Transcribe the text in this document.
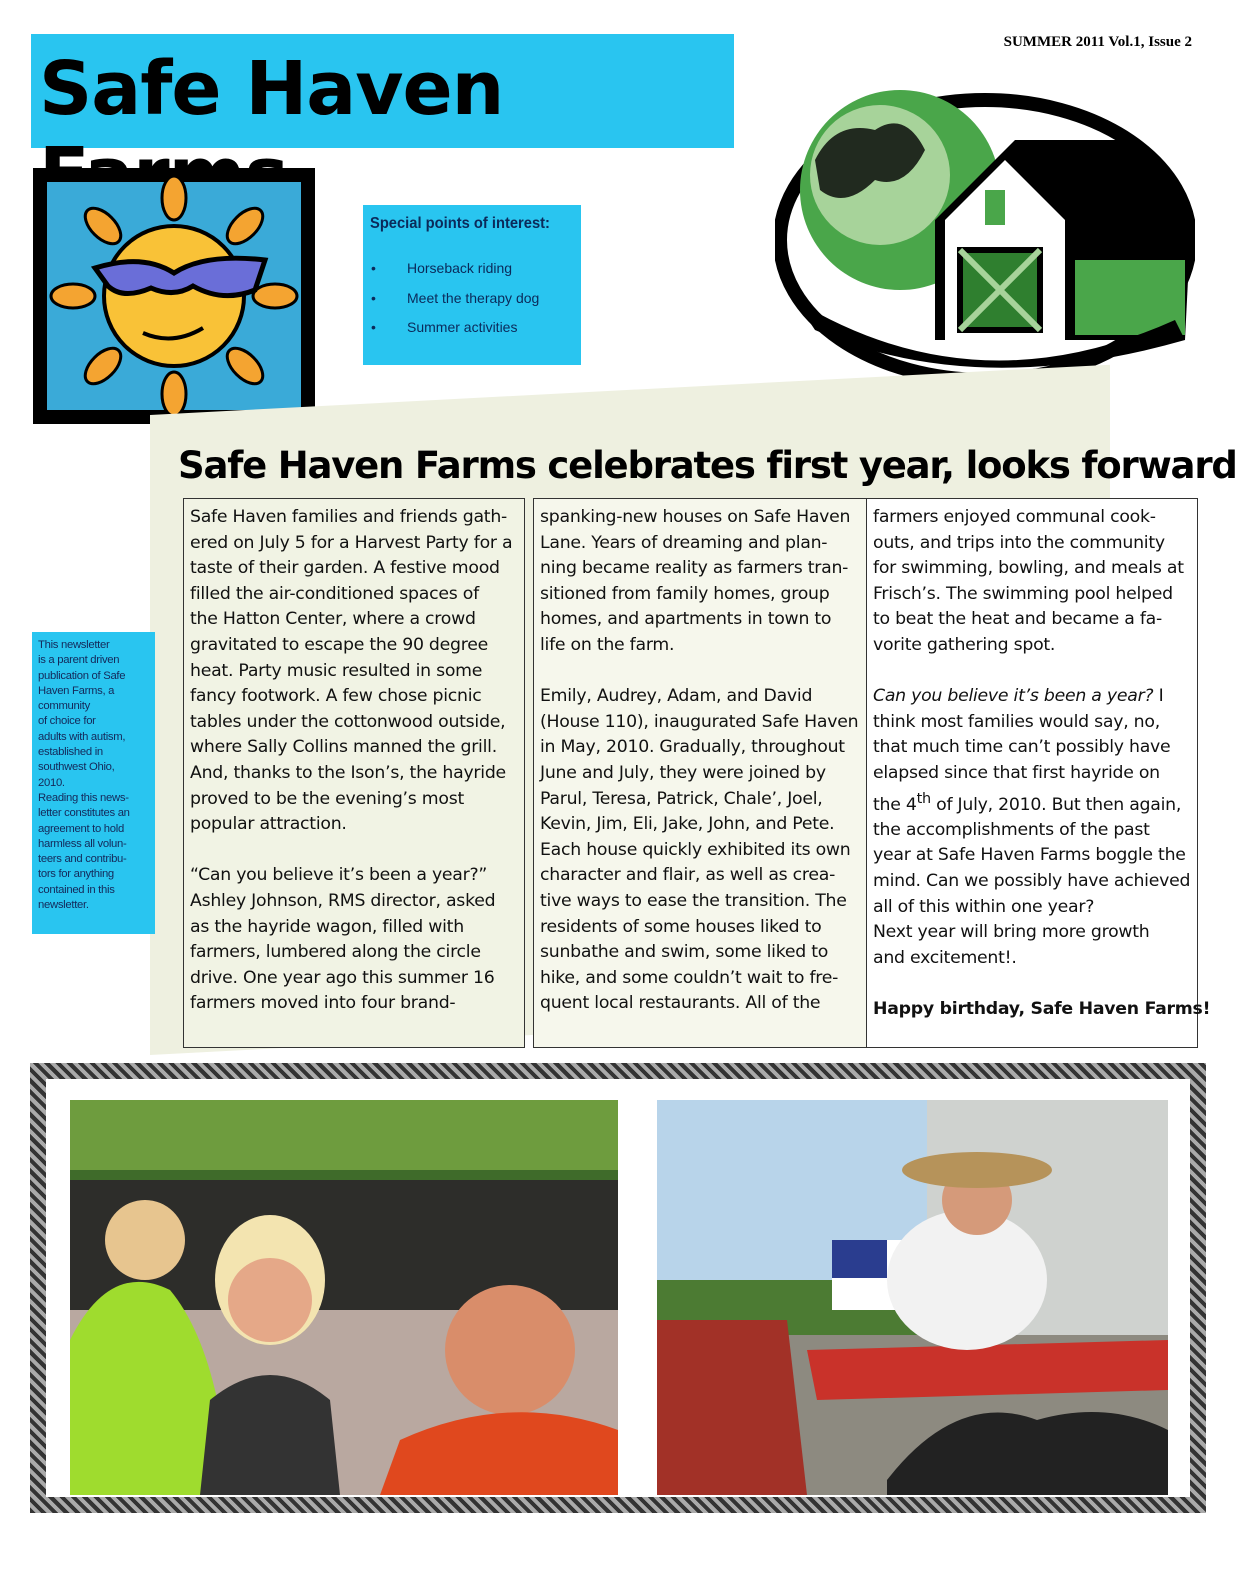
Safe Haven
SUMMER 2011 Vol.1, Issue 2
Special points of interest:
• Horseback riding
• Meet the therapy dog
• Summer activities
Safe Haven Farms celebrates first year, looks forward
Safe Haven families and friends gath-
ered on July 5 for a Harvest Party for a
taste of their garden. A festive mood
filled the air-conditioned spaces of
the Hatton Center, where a crowd
gravitated to escape the 90 degree
heat. Party music resulted in some
fancy footwork. A few chose picnic
tables under the cottonwood outside,
where Sally Collins manned the grill.
And, thanks to the Ison’s, the hayride
proved to be the evening’s most
popular attraction.
“Can you believe it’s been a year?”
Ashley Johnson, RMS director, asked
as the hayride wagon, filled with
farmers, lumbered along the circle
drive. One year ago this summer 16
farmers moved into four brand-
spanking-new houses on Safe Haven
Lane. Years of dreaming and plan-
ning became reality as farmers tran-
sitioned from family homes, group
homes, and apartments in town to
life on the farm.
Emily, Audrey, Adam, and David
(House 110), inaugurated Safe Haven
in May, 2010. Gradually, throughout
June and July, they were joined by
Parul, Teresa, Patrick, Chale’, Joel,
Kevin, Jim, Eli, Jake, John, and Pete.
Each house quickly exhibited its own
character and flair, as well as crea-
tive ways to ease the transition. The
residents of some houses liked to
sunbathe and swim, some liked to
hike, and some couldn’t wait to fre-
quent local restaurants. All of the
farmers enjoyed communal cook-
outs, and trips into the community
for swimming, bowling, and meals at
Frisch’s. The swimming pool helped
to beat the heat and became a fa-
vorite gathering spot.
Can you believe it’s been a year? I
think most families would say, no,
that much time can’t possibly have
elapsed since that first hayride on
the 4th of July, 2010. But then again,
the accomplishments of the past
year at Safe Haven Farms boggle the
mind. Can we possibly have achieved
all of this within one year?
Next year will bring more growth
and excitement!.
Happy birthday, Safe Haven Farms!
This newsletter
is a parent driven
publication of Safe
Haven Farms, a
community
of choice for
adults with autism,
established in
southwest Ohio,
2010.
Reading this news-
letter constitutes an
agreement to hold
harmless all volun-
teers and contribu-
tors for anything
contained in this
newsletter.
